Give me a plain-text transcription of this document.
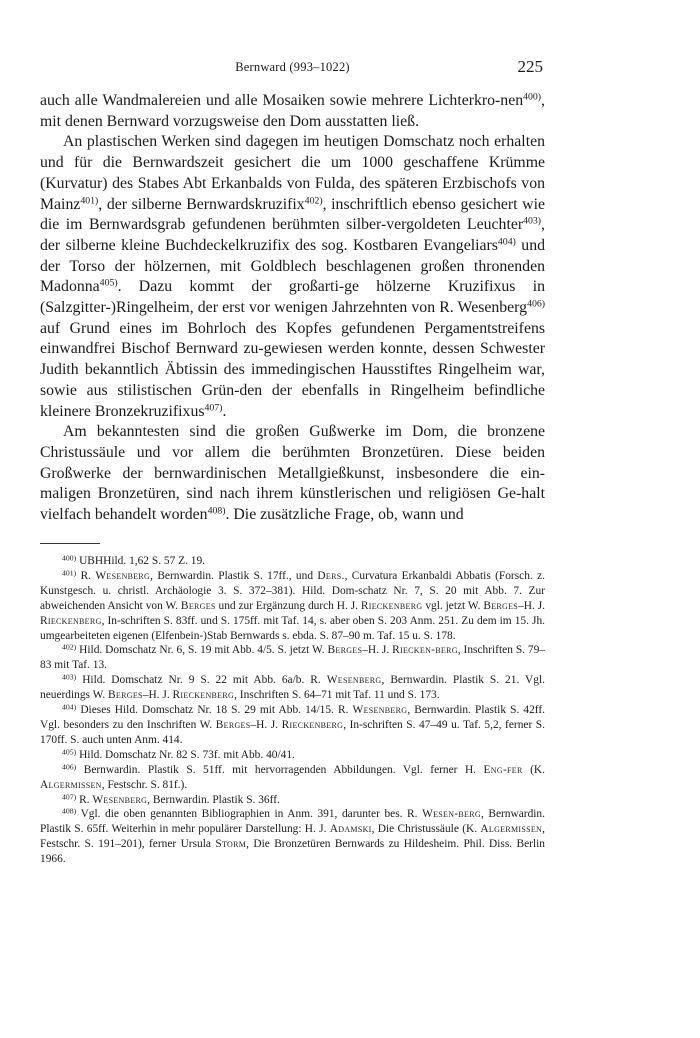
Bernward (993–1022)	225

auch alle Wandmalereien und alle Mosaiken sowie mehrere Lichterkro-nen$^{400)}$, mit denen Bernward vorzugsweise den Dom ausstatten ließ.

An plastischen Werken sind dagegen im heutigen Domschatz noch erhalten und für die Bernwardszeit gesichert die um 1000 geschaffene Krümme (Kurvatur) des Stabes Abt Erkanbalds von Fulda, des späteren Erzbischofs von Mainz$^{401)}$, der silberne Bernwardskruzifix$^{402)}$, inschriftlich ebenso gesichert wie die im Bernwardsgrab gefundenen berühmten silber-vergoldeten Leuchter$^{403)}$, der silberne kleine Buchdeckelkruzifix des sog. Kostbaren Evangeliars$^{404)}$ und der Torso der hölzernen, mit Goldblech beschlagenen großen thronenden Madonna$^{405)}$. Dazu kommt der großarti-ge hölzerne Kruzifixus in (Salzgitter-)Ringelheim, der erst vor wenigen Jahrzehnten von R. Wesenberg$^{406)}$ auf Grund eines im Bohrloch des Kopfes gefundenen Pergamentstreifens einwandfrei Bischof Bernward zu-gewiesen werden konnte, dessen Schwester Judith bekanntlich Äbtissin des immedingischen Hausstiftes Ringelheim war, sowie aus stilistischen Grün-den der ebenfalls in Ringelheim befindliche kleinere Bronzekruzifixus$^{407)}$.

Am bekanntesten sind die großen Gußwerke im Dom, die bronzene Christussäule und vor allem die berühmten Bronzetüren. Diese beiden Großwerke der bernwardinischen Metallgießkunst, insbesondere die ein-maligen Bronzetüren, sind nach ihrem künstlerischen und religiösen Ge-halt vielfach behandelt worden$^{408)}$. Die zusätzliche Frage, ob, wann und

$^{400)}$ UBHHild. 1,62 S. 57 Z. 19.

$^{401)}$ R. Wesenberg, Bernwardin. Plastik S. 17ff., und Ders., Curvatura Erkanbaldi Abbatis (Forsch. z. Kunstgesch. u. christl. Archäologie 3. S. 372–381). Hild. Dom-schatz Nr. 7, S. 20 mit Abb. 7. Zur abweichenden Ansicht von W. Berges und zur Ergänzung durch H. J. Rieckenberg vgl. jetzt W. Berges–H. J. Rieckenberg, In-schriften S. 83ff. und S. 175ff. mit Taf. 14, s. aber oben S. 203 Anm. 251. Zu dem im 15. Jh. umgearbeiteten eigenen (Elfenbein-)Stab Bernwards s. ebda. S. 87–90 m. Taf. 15 u. S. 178.

$^{402)}$ Hild. Domschatz Nr. 6, S. 19 mit Abb. 4/5. S. jetzt W. Berges–H. J. Riecken-berg, Inschriften S. 79–83 mit Taf. 13.

$^{403)}$ Hild. Domschatz Nr. 9 S. 22 mit Abb. 6a/b. R. Wesenberg, Bernwardin. Plastik S. 21. Vgl. neuerdings W. Berges–H. J. Rieckenberg, Inschriften S. 64–71 mit Taf. 11 und S. 173.

$^{404)}$ Dieses Hild. Domschatz Nr. 18 S. 29 mit Abb. 14/15. R. Wesenberg, Bernwardin. Plastik S. 42ff. Vgl. besonders zu den Inschriften W. Berges–H. J. Rieckenberg, In-schriften S. 47–49 u. Taf. 5,2, ferner S. 170ff. S. auch unten Anm. 414.

$^{405)}$ Hild. Domschatz Nr. 82 S. 73f. mit Abb. 40/41.

$^{406)}$ Bernwardin. Plastik S. 51ff. mit hervorragenden Abbildungen. Vgl. ferner H. Eng-fer (K. Algermissen, Festschr. S. 81f.).

$^{407)}$ R. Wesenberg, Bernwardin. Plastik S. 36ff.

$^{408)}$ Vgl. die oben genannten Bibliographien in Anm. 391, darunter bes. R. Wesen-berg, Bernwardin. Plastik S. 65ff. Weiterhin in mehr populärer Darstellung: H. J. Adamski, Die Christussäule (K. Algermissen, Festschr. S. 191–201), ferner Ursula Storm, Die Bronzetüren Bernwards zu Hildesheim. Phil. Diss. Berlin 1966.
